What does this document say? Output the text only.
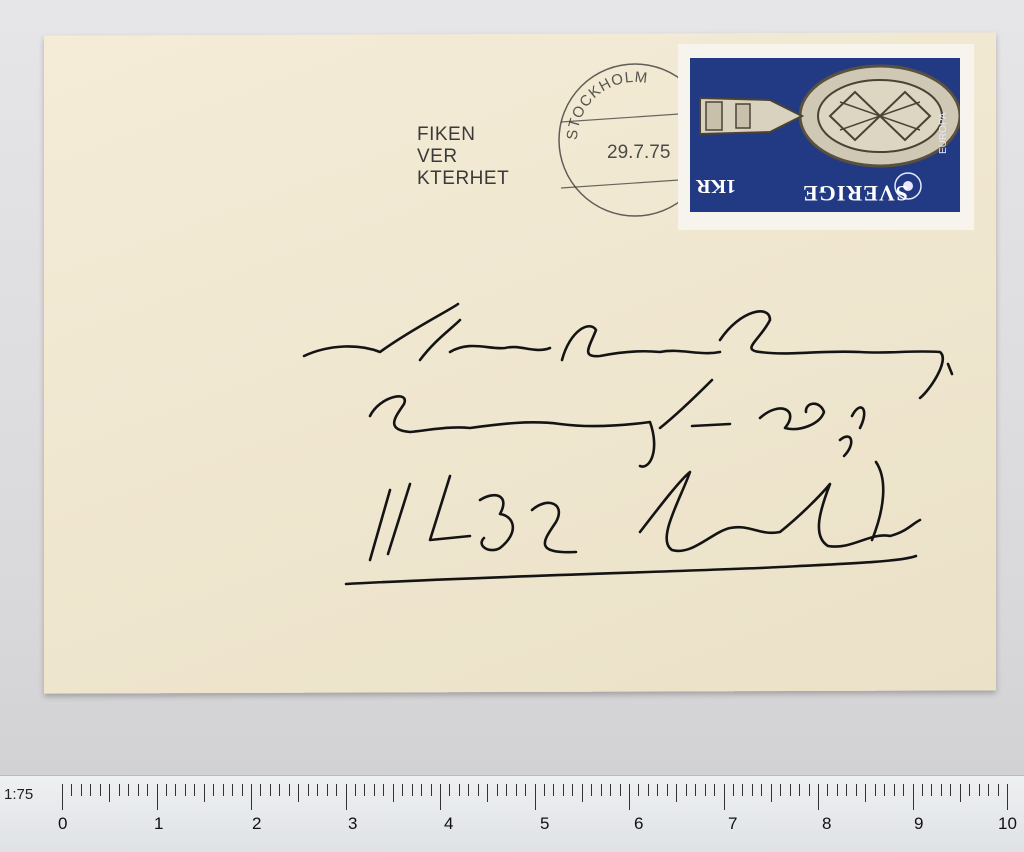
FIKEN
VER
KTERHET
STOCKHOLM
29.7.75
SVERIGE
1KR
EUROPA
1:75
0	1	2	3	4	5	6	7	8	9	10
